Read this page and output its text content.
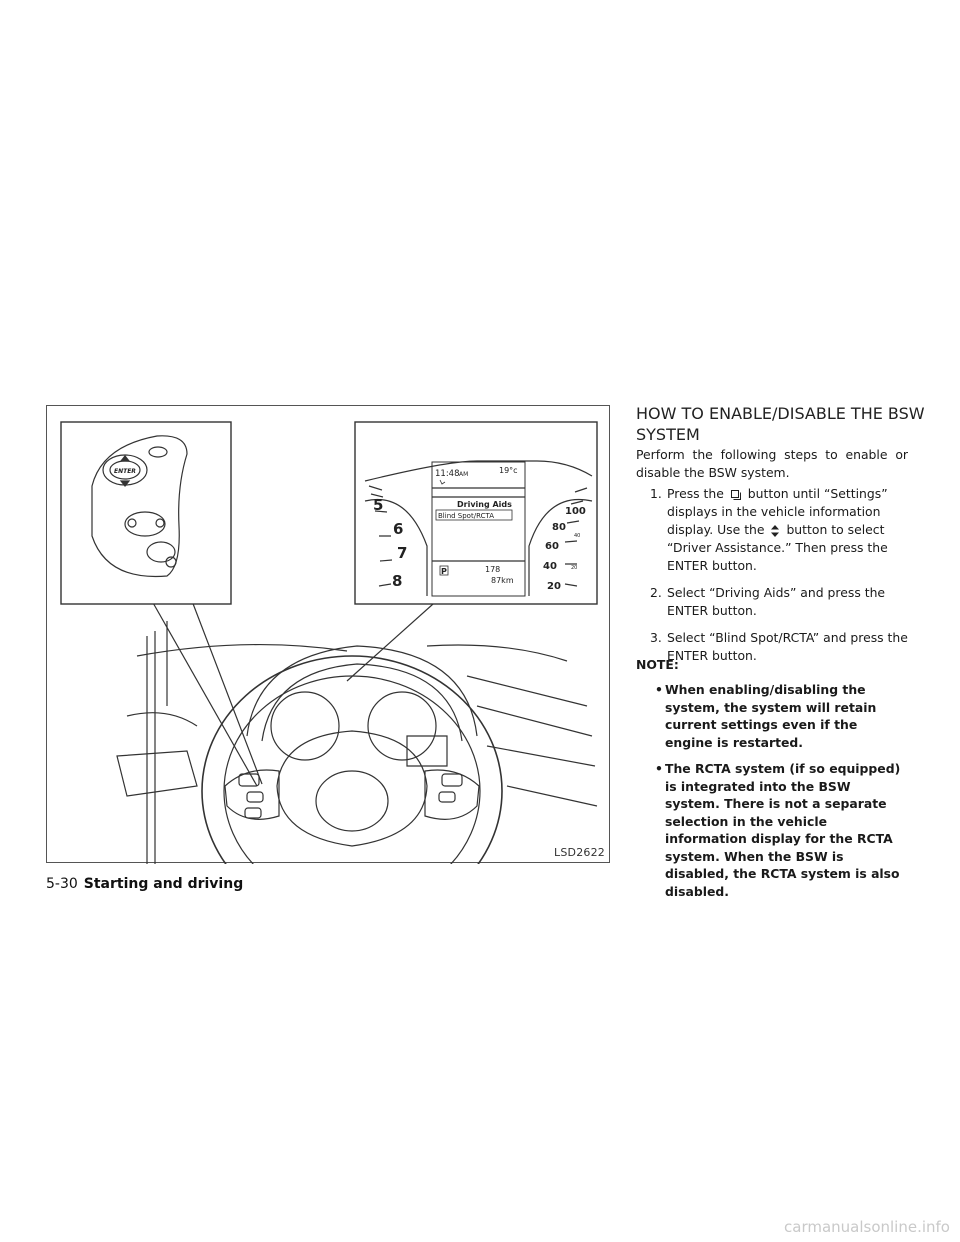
11:48 AM	19°c
Driving Aids
Blind Spot/RCTA
P	178
87km
5
6
7
8
100
80
60
40
20
40
20
ENTER
LSD2622
HOW TO ENABLE/DISABLE THE BSW SYSTEM

Perform the following steps to enable or disable the BSW system.

1. Press the button until “Settings” displays in the vehicle information display. Use the button to select “Driver Assistance.” Then press the ENTER button.
2. Select “Driving Aids” and press the ENTER button.
3. Select “Blind Spot/RCTA” and press the ENTER button.

NOTE:

• When enabling/disabling the system, the system will retain current settings even if the engine is restarted.
• The RCTA system (if so equipped) is integrated into the BSW system. There is not a separate selection in the vehicle information display for the RCTA system. When the BSW is disabled, the RCTA system is also disabled.
5-30 Starting and driving
carmanualsonline.info
